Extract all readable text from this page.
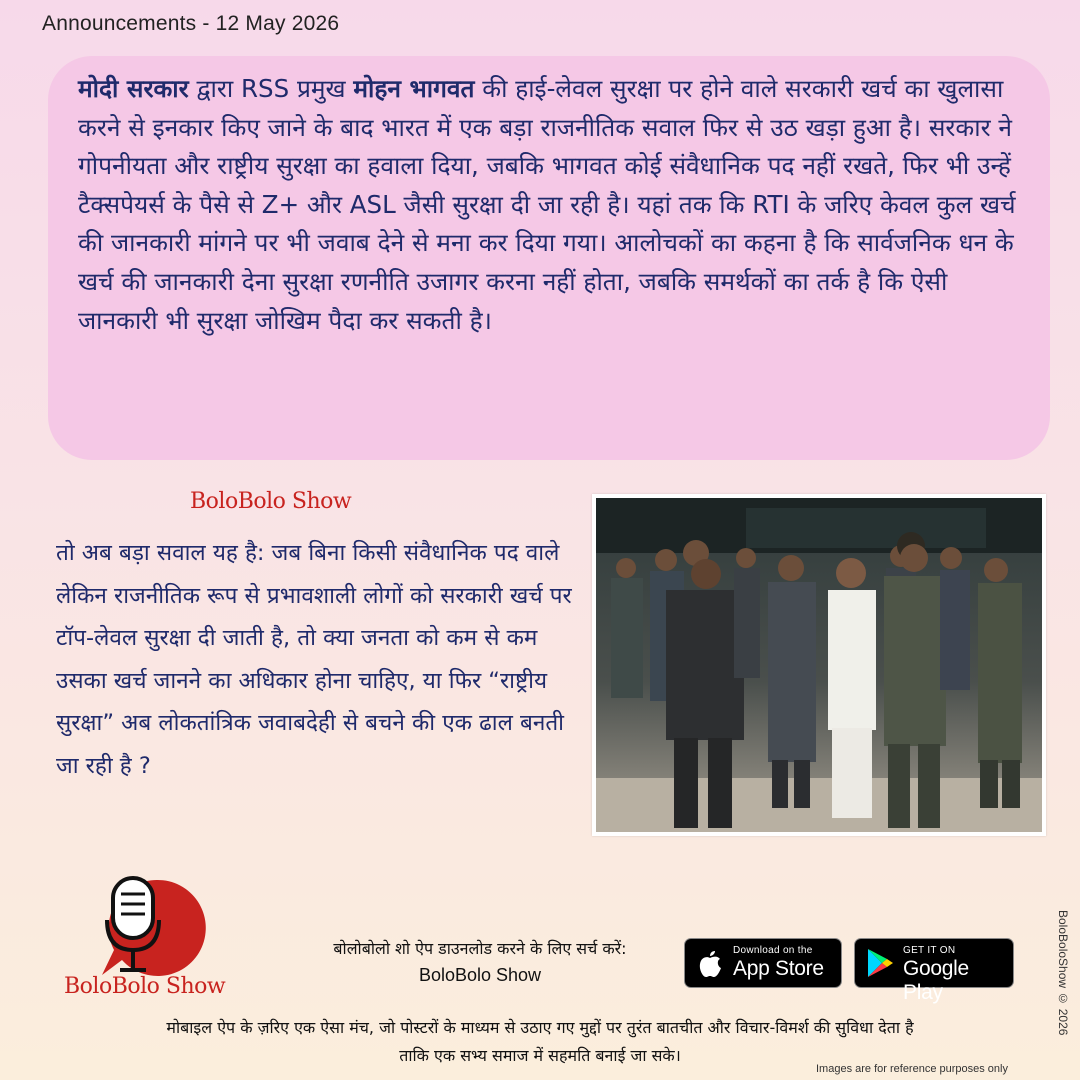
Announcements - 12 May 2026
मोदी सरकार द्वारा RSS प्रमुख मोहन भागवत की हाई-लेवल सुरक्षा पर होने वाले सरकारी खर्च का खुलासा करने से इनकार किए जाने के बाद भारत में एक बड़ा राजनीतिक सवाल फिर से उठ खड़ा हुआ है। सरकार ने गोपनीयता और राष्ट्रीय सुरक्षा का हवाला दिया, जबकि भागवत कोई संवैधानिक पद नहीं रखते, फिर भी उन्हें टैक्सपेयर्स के पैसे से Z+ और ASL जैसी सुरक्षा दी जा रही है। यहां तक कि RTI के जरिए केवल कुल खर्च की जानकारी मांगने पर भी जवाब देने से मना कर दिया गया। आलोचकों का कहना है कि सार्वजनिक धन के खर्च की जानकारी देना सुरक्षा रणनीति उजागर करना नहीं होता, जबकि समर्थकों का तर्क है कि ऐसी जानकारी भी सुरक्षा जोखिम पैदा कर सकती है।
BoloBolo Show
तो अब बड़ा सवाल यह है: जब बिना किसी संवैधानिक पद वाले लेकिन राजनीतिक रूप से प्रभावशाली लोगों को सरकारी खर्च पर टॉप-लेवल सुरक्षा दी जाती है, तो क्या जनता को कम से कम उसका खर्च जानने का अधिकार होना चाहिए, या फिर “राष्ट्रीय सुरक्षा” अब लोकतांत्रिक जवाबदेही से बचने की एक ढाल बनती जा रही है ?
BoloBolo Show
बोलोबोलो शो ऐप डाउनलोड करने के लिए सर्च करें:
BoloBolo Show
Download on the
App Store
GET IT ON
Google Play
मोबाइल ऐप के ज़रिए एक ऐसा मंच, जो पोस्टरों के माध्यम से उठाए गए मुद्दों पर तुरंत बातचीत और विचार-विमर्श की सुविधा देता है
ताकि एक सभ्य समाज में सहमति बनाई जा सके।
BoloBoloShow © 2026
Images are for reference purposes only
